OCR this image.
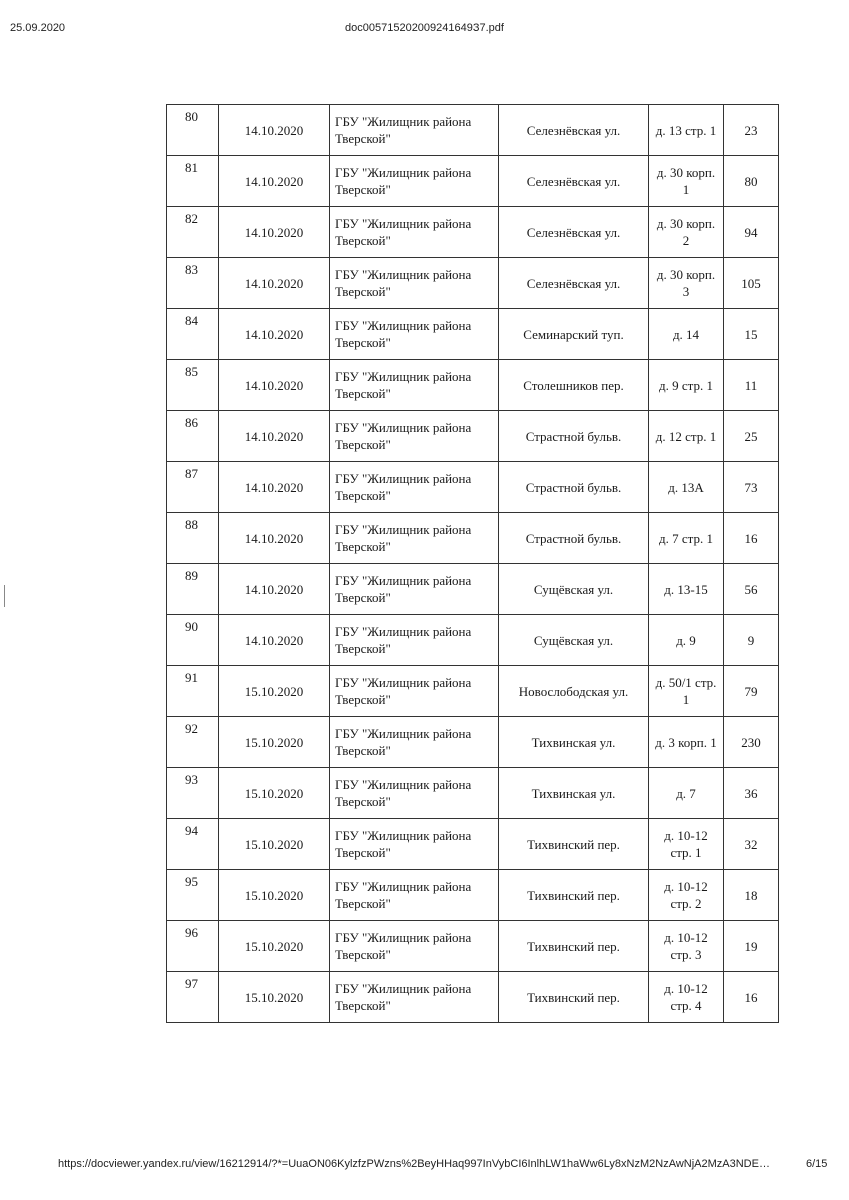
25.09.2020	doc005715202009241649З7.pdf
80	14.10.2020	ГБУ "Жилищник района Тверской"	Селезнёвская ул.	д. 13 стр. 1	23
81	14.10.2020	ГБУ "Жилищник района Тверской"	Селезнёвская ул.	д. 30 корп. 1	80
82	14.10.2020	ГБУ "Жилищник района Тверской"	Селезнёвская ул.	д. 30 корп. 2	94
83	14.10.2020	ГБУ "Жилищник района Тверской"	Селезнёвская ул.	д. 30 корп. 3	105
84	14.10.2020	ГБУ "Жилищник района Тверской"	Семинарский туп.	д. 14	15
85	14.10.2020	ГБУ "Жилищник района Тверской"	Столешников пер.	д. 9 стр. 1	11
86	14.10.2020	ГБУ "Жилищник района Тверской"	Страстной бульв.	д. 12 стр. 1	25
87	14.10.2020	ГБУ "Жилищник района Тверской"	Страстной бульв.	д. 13А	73
88	14.10.2020	ГБУ "Жилищник района Тверской"	Страстной бульв.	д. 7 стр. 1	16
89	14.10.2020	ГБУ "Жилищник района Тверской"	Сущёвская ул.	д. 13-15	56
90	14.10.2020	ГБУ "Жилищник района Тверской"	Сущёвская ул.	д. 9	9
91	15.10.2020	ГБУ "Жилищник района Тверской"	Новослободская ул.	д. 50/1 стр. 1	79
92	15.10.2020	ГБУ "Жилищник района Тверской"	Тихвинская ул.	д. 3 корп. 1	230
93	15.10.2020	ГБУ "Жилищник района Тверской"	Тихвинская ул.	д. 7	36
94	15.10.2020	ГБУ "Жилищник района Тверской"	Тихвинский пер.	д. 10-12 стр. 1	32
95	15.10.2020	ГБУ "Жилищник района Тверской"	Тихвинский пер.	д. 10-12 стр. 2	18
96	15.10.2020	ГБУ "Жилищник района Тверской"	Тихвинский пер.	д. 10-12 стр. 3	19
97	15.10.2020	ГБУ "Жилищник района Тверской"	Тихвинский пер.	д. 10-12 стр. 4	16
https://docviewer.yandex.ru/view/16212914/?*=UuaON06KylzfzPWzns%2BeyHHaq997InVybCI6InlhLW1haWw6Ly8xNzM2NzAwNjA2MzA3NDE…	6/15
